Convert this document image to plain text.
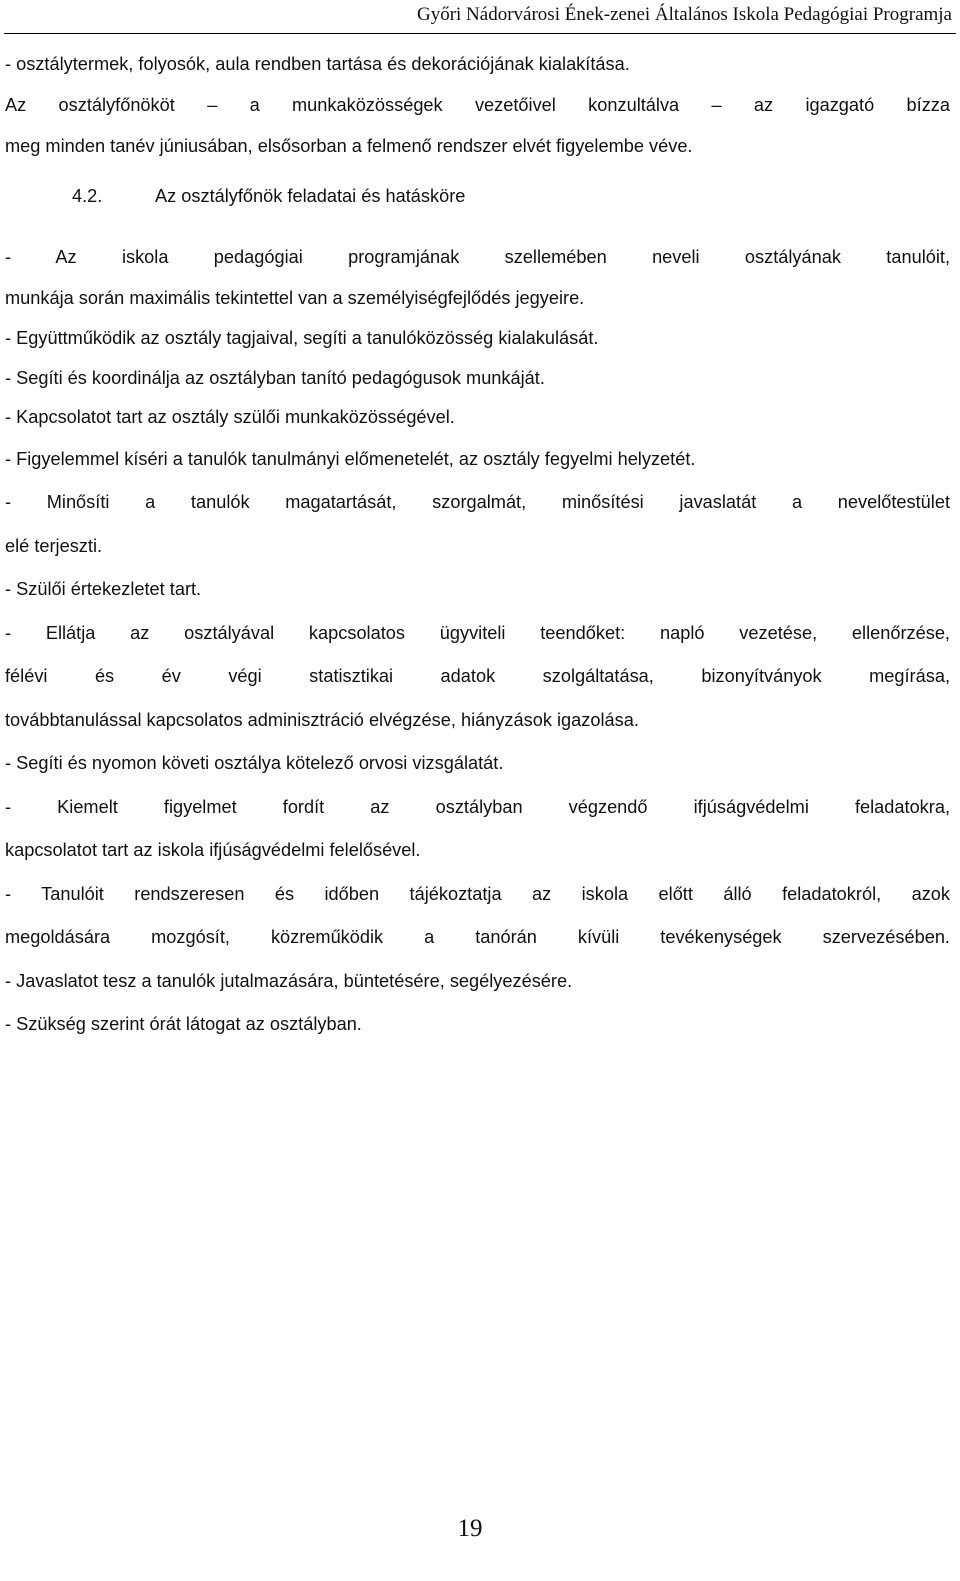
Győri Nádorvárosi Ének-zenei Általános Iskola Pedagógiai Programja

- osztálytermek, folyosók, aula rendben tartása és dekorációjának kialakítása.

Az osztályfőnököt – a munkaközösségek vezetőivel konzultálva – az igazgató bízza

meg minden tanév júniusában, elsősorban a felmenő rendszer elvét figyelembe véve.

4.2.	Az osztályfőnök feladatai és hatásköre

- Az iskola pedagógiai programjának szellemében neveli osztályának tanulóit,

munkája során maximális tekintettel van a személyiségfejlődés jegyeire.

- Együttműködik az osztály tagjaival, segíti a tanulóközösség kialakulását.

- Segíti és koordinálja az osztályban tanító pedagógusok munkáját.

- Kapcsolatot tart az osztály szülői munkaközösségével.

- Figyelemmel kíséri a tanulók tanulmányi előmenetelét, az osztály fegyelmi helyzetét.

- Minősíti a tanulók magatartását, szorgalmát, minősítési javaslatát a nevelőtestület

elé terjeszti.

- Szülői értekezletet tart.

- Ellátja az osztályával kapcsolatos ügyviteli teendőket: napló vezetése, ellenőrzése,

félévi és év végi statisztikai adatok szolgáltatása, bizonyítványok megírása,

továbbtanulással kapcsolatos adminisztráció elvégzése, hiányzások igazolása.

- Segíti és nyomon követi osztálya kötelező orvosi vizsgálatát.

- Kiemelt figyelmet fordít az osztályban végzendő ifjúságvédelmi feladatokra,

kapcsolatot tart az iskola ifjúságvédelmi felelősével.

- Tanulóit rendszeresen és időben tájékoztatja az iskola előtt álló feladatokról, azok

megoldására mozgósít, közreműködik a tanórán kívüli tevékenységek szervezésében.

- Javaslatot tesz a tanulók jutalmazására, büntetésére, segélyezésére.

- Szükség szerint órát látogat az osztályban.

19
